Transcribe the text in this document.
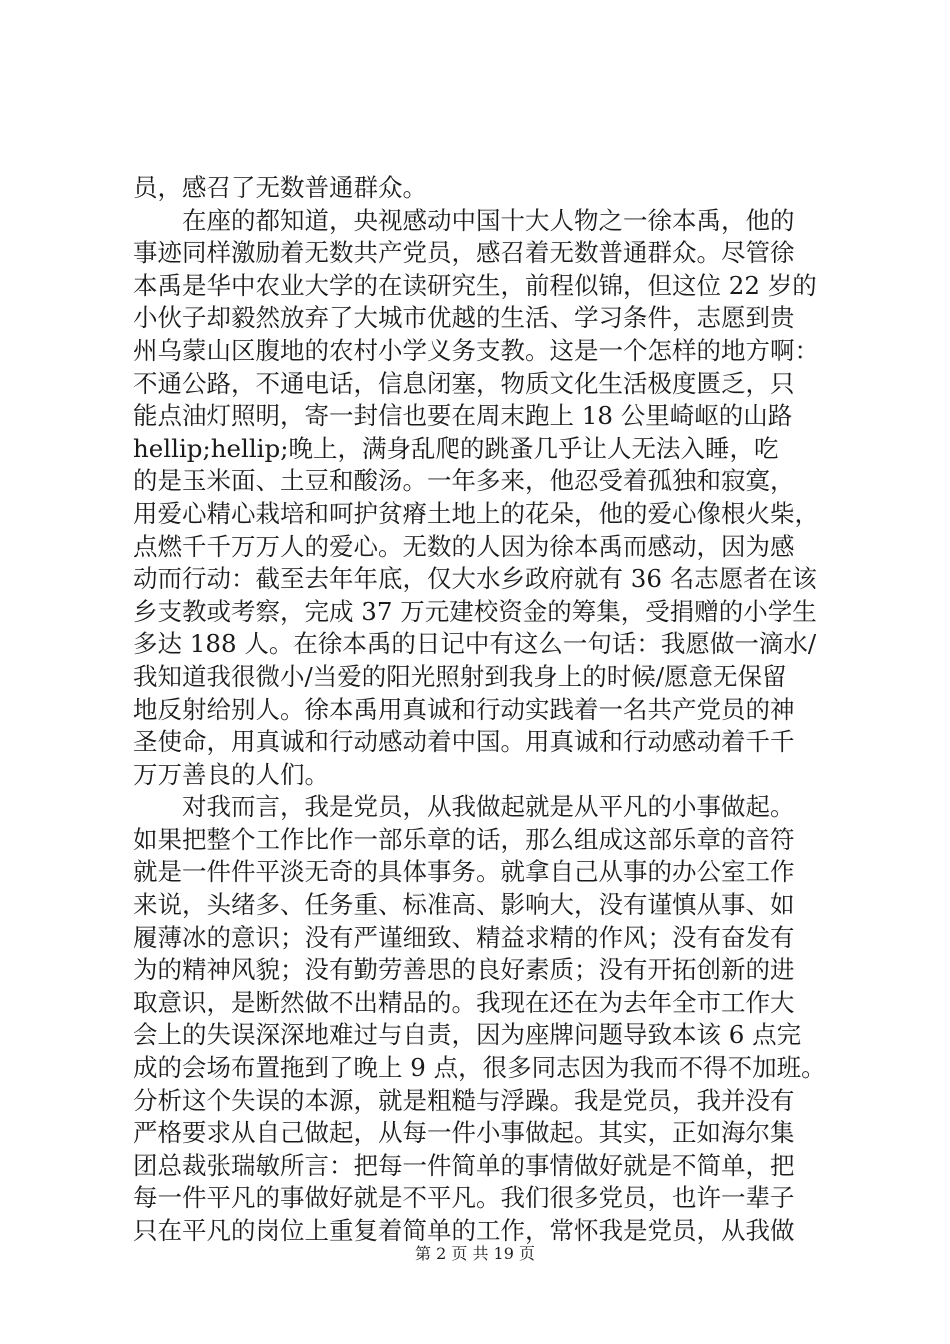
员，感召了无数普通群众。
在座的都知道，央视感动中国十大人物之一徐本禹，他的
事迹同样激励着无数共产党员，感召着无数普通群众。尽管徐
本禹是华中农业大学的在读研究生，前程似锦，但这位 22 岁的
小伙子却毅然放弃了大城市优越的生活、学习条件，志愿到贵
州乌蒙山区腹地的农村小学义务支教。这是一个怎样的地方啊：
不通公路，不通电话，信息闭塞，物质文化生活极度匮乏，只
能点油灯照明，寄一封信也要在周末跑上 18 公里崎岖的山路
hellip;hellip;晚上，满身乱爬的跳蚤几乎让人无法入睡，吃
的是玉米面、土豆和酸汤。一年多来，他忍受着孤独和寂寞，
用爱心精心栽培和呵护贫瘠土地上的花朵，他的爱心像根火柴，
点燃千千万万人的爱心。无数的人因为徐本禹而感动，因为感
动而行动：截至去年年底，仅大水乡政府就有 36 名志愿者在该
乡支教或考察，完成 37 万元建校资金的筹集，受捐赠的小学生
多达 188 人。在徐本禹的日记中有这么一句话：我愿做一滴水/
我知道我很微小/当爱的阳光照射到我身上的时候/愿意无保留
地反射给别人。徐本禹用真诚和行动实践着一名共产党员的神
圣使命，用真诚和行动感动着中国。用真诚和行动感动着千千
万万善良的人们。
对我而言，我是党员，从我做起就是从平凡的小事做起。
如果把整个工作比作一部乐章的话，那么组成这部乐章的音符
就是一件件平淡无奇的具体事务。就拿自己从事的办公室工作
来说，头绪多、任务重、标准高、影响大，没有谨慎从事、如
履薄冰的意识；没有严谨细致、精益求精的作风；没有奋发有
为的精神风貌；没有勤劳善思的良好素质；没有开拓创新的进
取意识，是断然做不出精品的。我现在还在为去年全市工作大
会上的失误深深地难过与自责，因为座牌问题导致本该 6 点完
成的会场布置拖到了晚上 9 点，很多同志因为我而不得不加班。
分析这个失误的本源，就是粗糙与浮躁。我是党员，我并没有
严格要求从自己做起，从每一件小事做起。其实，正如海尔集
团总裁张瑞敏所言：把每一件简单的事情做好就是不简单，把
每一件平凡的事做好就是不平凡。我们很多党员，也许一辈子
只在平凡的岗位上重复着简单的工作，常怀我是党员，从我做
第 2 页 共 19 页
